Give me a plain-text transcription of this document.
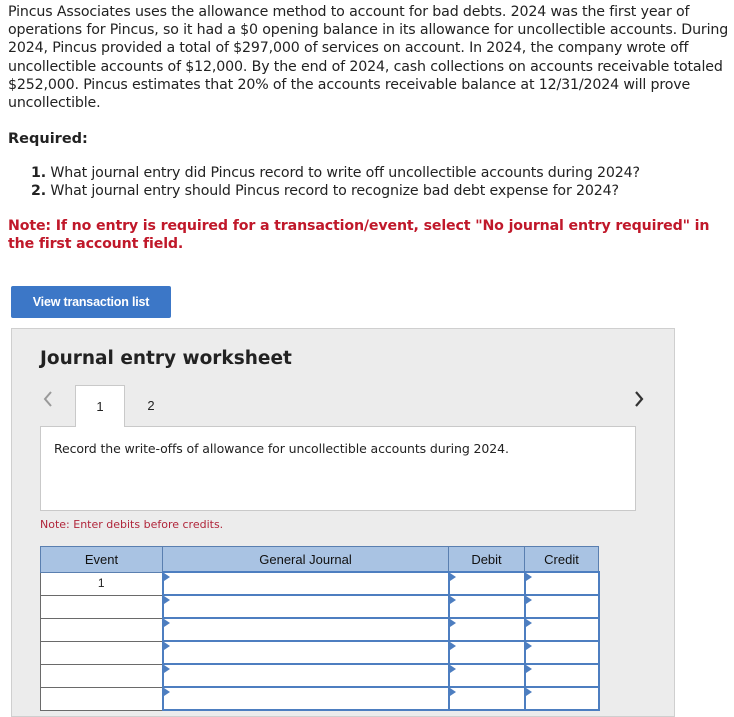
Pincus Associates uses the allowance method to account for bad debts. 2024 was the first year of operations for Pincus, so it had a $0 opening balance in its allowance for uncollectible accounts. During 2024, Pincus provided a total of $297,000 of services on account. In 2024, the company wrote off uncollectible accounts of $12,000. By the end of 2024, cash collections on accounts receivable totaled $252,000. Pincus estimates that 20% of the accounts receivable balance at 12/31/2024 will prove uncollectible.
Required:
1. What journal entry did Pincus record to write off uncollectible accounts during 2024?
2. What journal entry should Pincus record to recognize bad debt expense for 2024?
Note: If no entry is required for a transaction/event, select "No journal entry required" in the first account field.
View transaction list
Journal entry worksheet
1	2
Record the write-offs of allowance for uncollectible accounts during 2024.
Note: Enter debits before credits.
Event	General Journal	Debit	Credit
1	
